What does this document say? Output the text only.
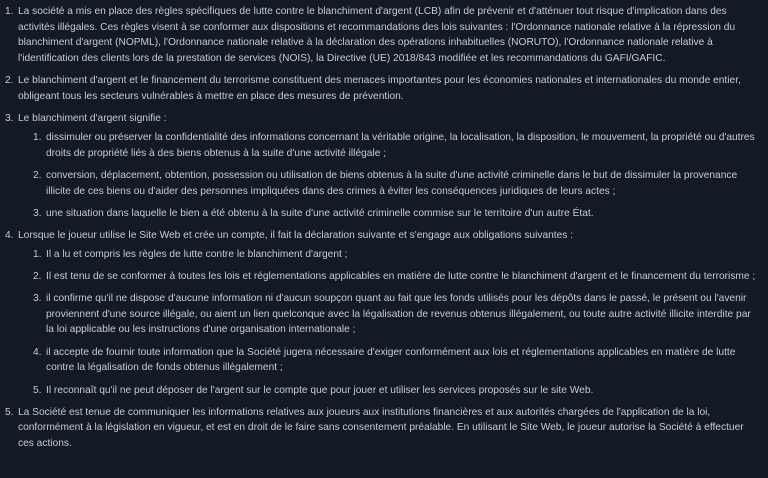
1. La société a mis en place des règles spécifiques de lutte contre le blanchiment d'argent (LCB) afin de prévenir et d'atténuer tout risque d'implication dans des activités illégales. Ces règles visent à se conformer aux dispositions et recommandations des lois suivantes : l'Ordonnance nationale relative à la répression du blanchiment d'argent (NOPML), l'Ordonnance nationale relative à la déclaration des opérations inhabituelles (NORUTO), l'Ordonnance nationale relative à l'identification des clients lors de la prestation de services (NOIS), la Directive (UE) 2018/843 modifiée et les recommandations du GAFI/GAFIC.
2. Le blanchiment d'argent et le financement du terrorisme constituent des menaces importantes pour les économies nationales et internationales du monde entier, obligeant tous les secteurs vulnérables à mettre en place des mesures de prévention.
3. Le blanchiment d'argent signifie :
1. dissimuler ou préserver la confidentialité des informations concernant la véritable origine, la localisation, la disposition, le mouvement, la propriété ou d'autres droits de propriété liés à des biens obtenus à la suite d'une activité illégale ;
2. conversion, déplacement, obtention, possession ou utilisation de biens obtenus à la suite d'une activité criminelle dans le but de dissimuler la provenance illicite de ces biens ou d'aider des personnes impliquées dans des crimes à éviter les conséquences juridiques de leurs actes ;
3. une situation dans laquelle le bien a été obtenu à la suite d'une activité criminelle commise sur le territoire d'un autre État.
4. Lorsque le joueur utilise le Site Web et crée un compte, il fait la déclaration suivante et s'engage aux obligations suivantes :
1. Il a lu et compris les règles de lutte contre le blanchiment d'argent ;
2. Il est tenu de se conformer à toutes les lois et réglementations applicables en matière de lutte contre le blanchiment d'argent et le financement du terrorisme ;
3. il confirme qu'il ne dispose d'aucune information ni d'aucun soupçon quant au fait que les fonds utilisés pour les dépôts dans le passé, le présent ou l'avenir proviennent d'une source illégale, ou aient un lien quelconque avec la légalisation de revenus obtenus illégalement, ou toute autre activité illicite interdite par la loi applicable ou les instructions d'une organisation internationale ;
4. il accepte de fournir toute information que la Société jugera nécessaire d'exiger conformément aux lois et réglementations applicables en matière de lutte contre la légalisation de fonds obtenus illégalement ;
5. Il reconnaît qu'il ne peut déposer de l'argent sur le compte que pour jouer et utiliser les services proposés sur le site Web.
5. La Société est tenue de communiquer les informations relatives aux joueurs aux institutions financières et aux autorités chargées de l'application de la loi, conformément à la législation en vigueur, et est en droit de le faire sans consentement préalable. En utilisant le Site Web, le joueur autorise la Société à effectuer ces actions.
